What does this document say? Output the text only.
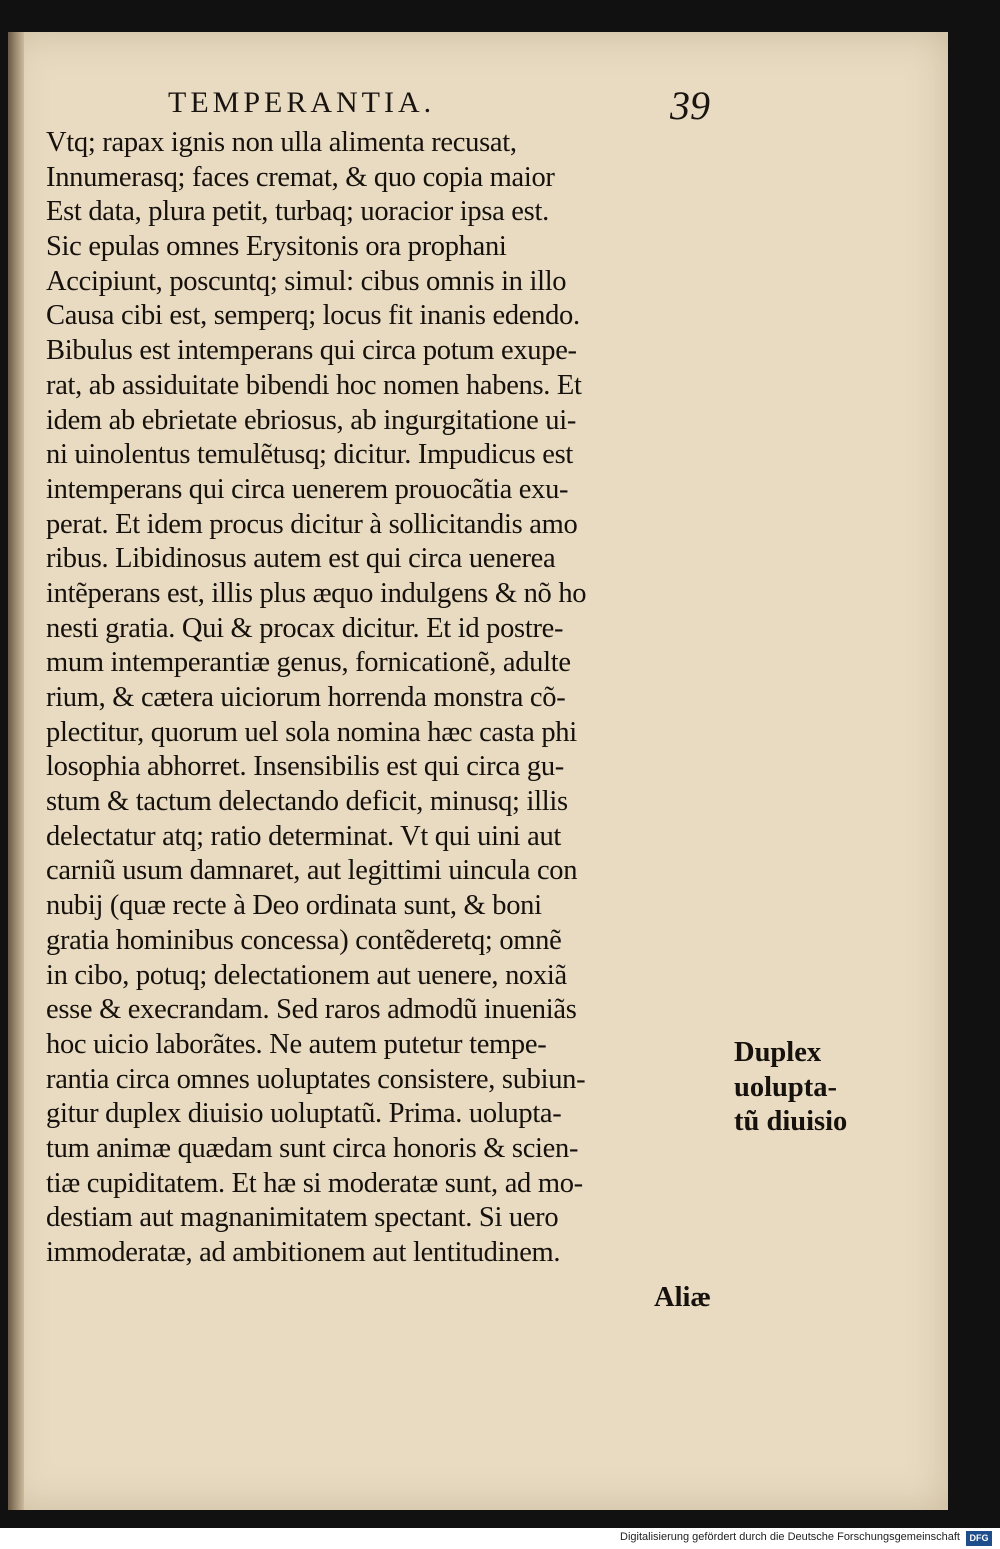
TEMPERANTIA.	39
Vtq; rapax ignis non ulla alimenta recusat,
Innumerasq; faces cremat, & quo copia maior
Est data, plura petit, turbaq; uoracior ipsa est.
Sic epulas omnes Erysitonis ora prophani
Accipiunt, poscuntq; simul: cibus omnis in illo
Causa cibi est, semperq; locus fit inanis edendo.
Bibulus est intemperans qui circa potum exupe-
rat, ab assiduitate bibendi hoc nomen habens. Et
idem ab ebrietate ebriosus, ab ingurgitatione ui-
ni uinolentus temulẽtusq; dicitur. Impudicus est
intemperans qui circa uenerem prouocãtia exu-
perat. Et idem procus dicitur à sollicitandis amo
ribus. Libidinosus autem est qui circa uenerea
intẽperans est, illis plus æquo indulgens & nõ ho
nesti gratia. Qui & procax dicitur. Et id postre-
mum intemperantiæ genus, fornicationẽ, adulte
rium, & cætera uiciorum horrenda monstra cõ-
plectitur, quorum uel sola nomina hæc casta phi
losophia abhorret. Insensibilis est qui circa gu-
stum & tactum delectando deficit, minusq; illis
delectatur atq; ratio determinat. Vt qui uini aut
carniũ usum damnaret, aut legittimi uincula con
nubij (quæ recte à Deo ordinata sunt, & boni
gratia hominibus concessa) contẽderetq; omnẽ
in cibo, potuq; delectationem aut uenere, noxiã
esse & execrandam. Sed raros admodũ inueniãs
hoc uicio laborãtes. Ne autem putetur tempe-
rantia circa omnes uoluptates consistere, subiun-
gitur duplex diuisio uoluptatũ. Prima. uolupta-
tum animæ quædam sunt circa honoris & scien-
tiæ cupiditatem. Et hæ si moderatæ sunt, ad mo-
destiam aut magnanimitatem spectant. Si uero
immoderatæ, ad ambitionem aut lentitudinem.
Duplex
uolupta-
tũ diuisio
Aliæ
Digitalisierung gefördert durch die Deutsche Forschungsgemeinschaft	DFG
